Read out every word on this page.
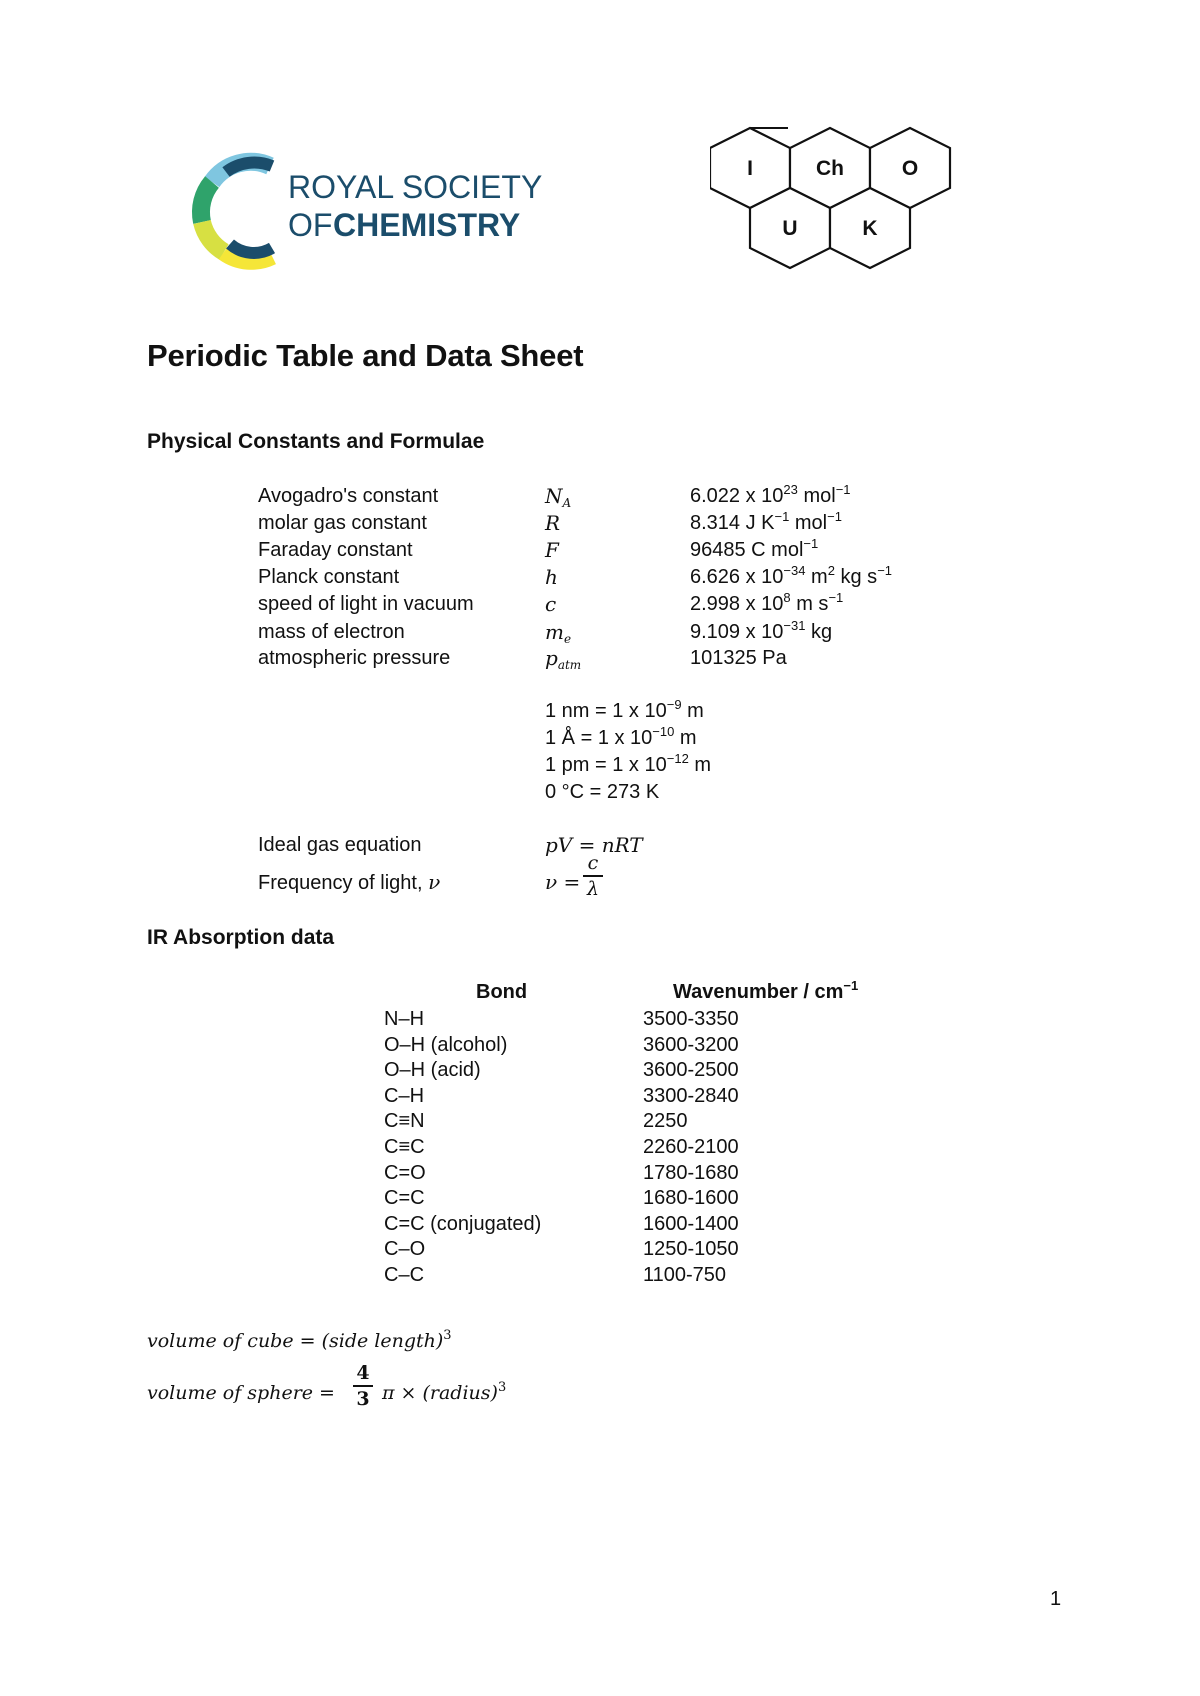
ROYAL SOCIETY
OF CHEMISTRY
I	Ch	O
U	K
Periodic Table and Data Sheet
Physical Constants and Formulae
Avogadro's constant	$N_A$	6.022 x $10^{23}$ mol$^{-1}$
molar gas constant	R	8.314 J $K^{-1}$ mol$^{-1}$
Faraday constant	F	96485 C mol$^{-1}$
Planck constant	h	6.626 x $10^{-34}$ $m^2$ kg $s^{-1}$
speed of light in vacuum	c	2.998 x $10^8$ m $s^{-1}$
mass of electron	$m_e$	9.109 x $10^{-31}$ kg
atmospheric pressure	$p_{atm}$	101325 Pa
1 nm = 1 x $10^{-9}$ m
1 Å = 1 x $10^{-10}$ m
1 pm = 1 x $10^{-12}$ m
0 °C = 273 K
Ideal gas equation	pV = nRT
Frequency of light, ν	ν =
c
λ
IR Absorption data
Bond	Wavenumber / $cm^{-1}$
N–H	3500-3350
O–H (alcohol)	3600-3200
O–H (acid)	3600-2500
C–H	3300-2840
C≡N	2250
C≡C	2260-2100
C=O	1780-1680
C=C	1680-1600
C=C (conjugated)	1600-1400
C–O	1250-1050
C–C	1100-750
volume of cube = (side length)$^3$
volume of sphere =
4
3 π × (radius)$^3$
1
